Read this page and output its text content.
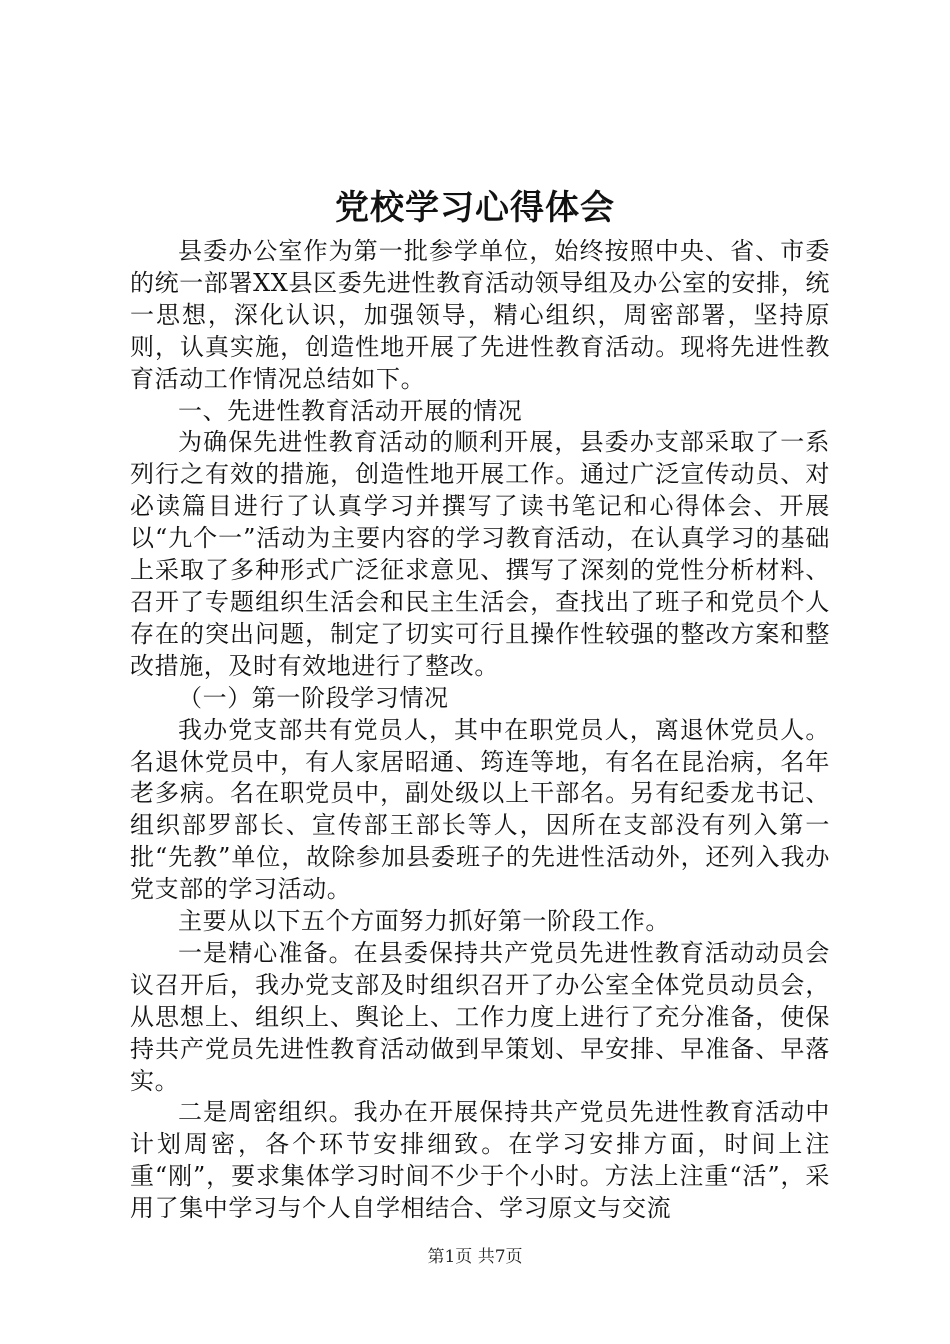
党校学习心得体会

县委办公室作为第一批参学单位，始终按照中央、省、市委的统一部署XX县区委先进性教育活动领导组及办公室的安排，统一思想，深化认识，加强领导，精心组织，周密部署，坚持原则，认真实施，创造性地开展了先进性教育活动。现将先进性教育活动工作情况总结如下。

一、先进性教育活动开展的情况

为确保先进性教育活动的顺利开展，县委办支部采取了一系列行之有效的措施，创造性地开展工作。通过广泛宣传动员、对必读篇目进行了认真学习并撰写了读书笔记和心得体会、开展以“九个一”活动为主要内容的学习教育活动，在认真学习的基础上采取了多种形式广泛征求意见、撰写了深刻的党性分析材料、召开了专题组织生活会和民主生活会，查找出了班子和党员个人存在的突出问题，制定了切实可行且操作性较强的整改方案和整改措施，及时有效地进行了整改。

（一）第一阶段学习情况

我办党支部共有党员人，其中在职党员人，离退休党员人。名退休党员中，有人家居昭通、筠连等地，有名在昆治病，名年老多病。名在职党员中，副处级以上干部名。另有纪委龙书记、组织部罗部长、宣传部王部长等人，因所在支部没有列入第一批“先教”单位，故除参加县委班子的先进性活动外，还列入我办党支部的学习活动。

主要从以下五个方面努力抓好第一阶段工作。

一是精心准备。在县委保持共产党员先进性教育活动动员会议召开后，我办党支部及时组织召开了办公室全体党员动员会，从思想上、组织上、舆论上、工作力度上进行了充分准备，使保持共产党员先进性教育活动做到早策划、早安排、早准备、早落实。

二是周密组织。我办在开展保持共产党员先进性教育活动中计划周密，各个环节安排细致。在学习安排方面，时间上注重“刚”，要求集体学习时间不少于个小时。方法上注重“活”，采用了集中学习与个人自学相结合、学习原文与交流

第1页 共7页
